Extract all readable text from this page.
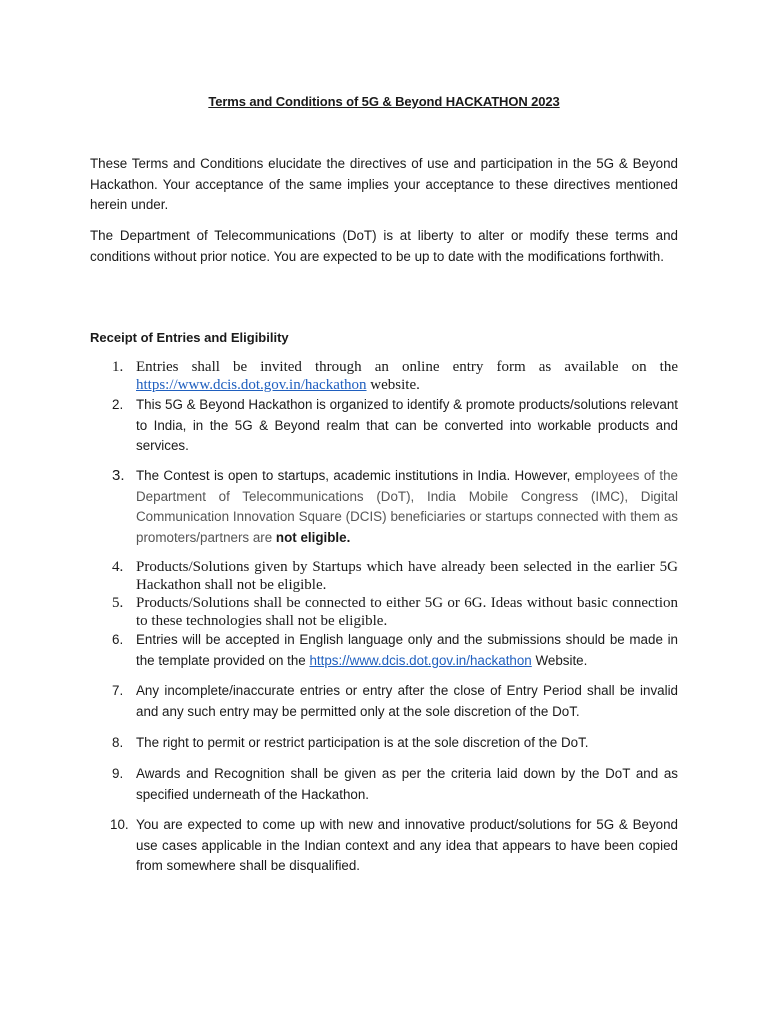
Terms and Conditions of 5G & Beyond HACKATHON 2023

These Terms and Conditions elucidate the directives of use and participation in the 5G & Beyond Hackathon. Your acceptance of the same implies your acceptance to these directives mentioned herein under.

The Department of Telecommunications (DoT) is at liberty to alter or modify these terms and conditions without prior notice. You are expected to be up to date with the modifications forthwith.

Receipt of Entries and Eligibility
1. Entries shall be invited through an online entry form as available on the https://www.dcis.dot.gov.in/hackathon website.

2. This 5G & Beyond Hackathon is organized to identify & promote products/solutions relevant to India, in the 5G & Beyond realm that can be converted into workable products and services.

3. The Contest is open to startups, academic institutions in India. However, employees of the Department of Telecommunications (DoT), India Mobile Congress (IMC), Digital Communication Innovation Square (DCIS) beneficiaries or startups connected with them as promoters/partners are not eligible.

4. Products/Solutions given by Startups which have already been selected in the earlier 5G Hackathon shall not be eligible.

5. Products/Solutions shall be connected to either 5G or 6G. Ideas without basic connection to these technologies shall not be eligible.

6. Entries will be accepted in English language only and the submissions should be made in the template provided on the https://www.dcis.dot.gov.in/hackathon Website.

7. Any incomplete/inaccurate entries or entry after the close of Entry Period shall be invalid and any such entry may be permitted only at the sole discretion of the DoT.

8. The right to permit or restrict participation is at the sole discretion of the DoT.

9. Awards and Recognition shall be given as per the criteria laid down by the DoT and as specified underneath of the Hackathon.

10. You are expected to come up with new and innovative product/solutions for 5G & Beyond use cases applicable in the Indian context and any idea that appears to have been copied from somewhere shall be disqualified.
